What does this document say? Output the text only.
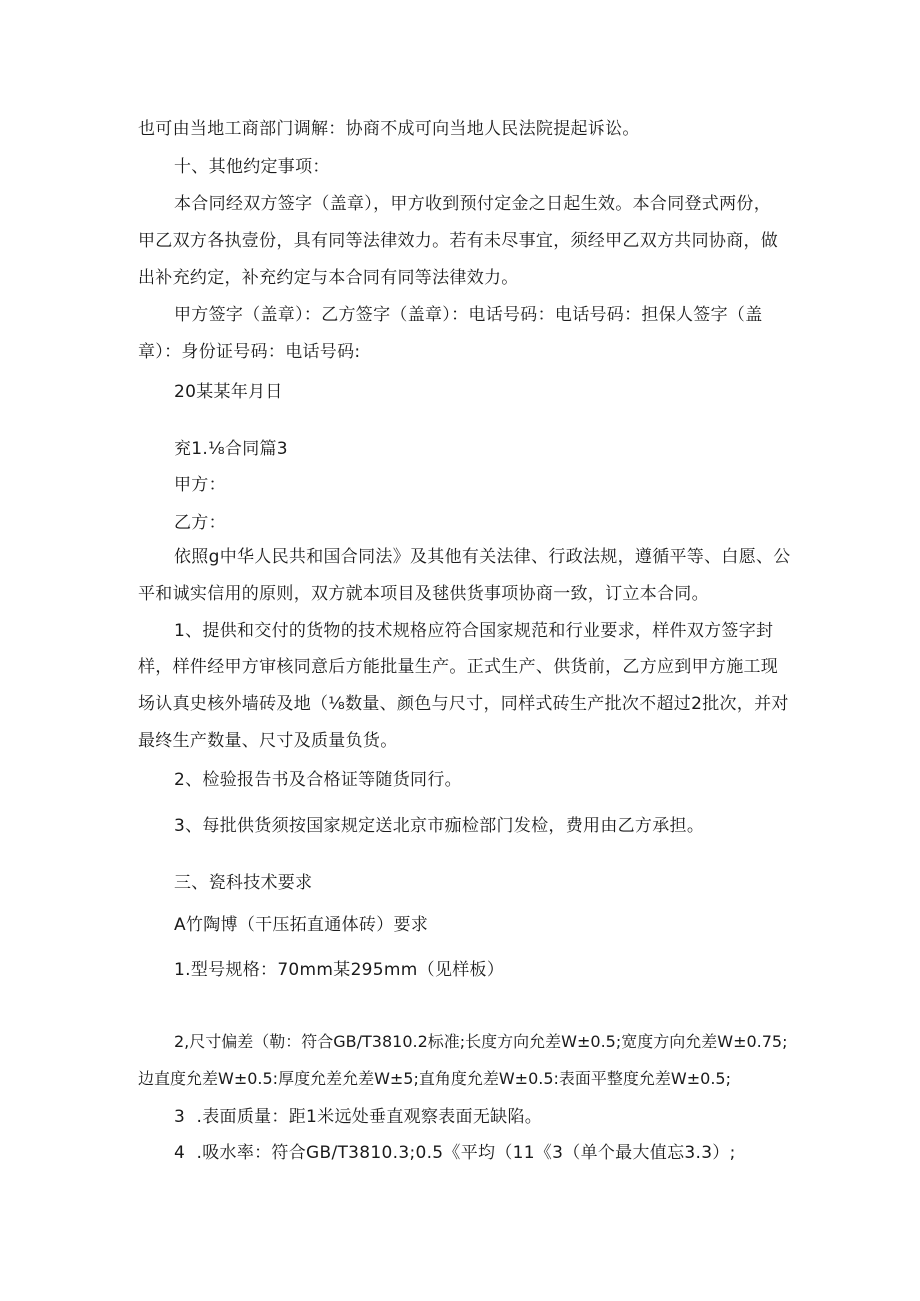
也可由当地工商部门调解：协商不成可向当地人民法院提起诉讼。
十、其他约定事项：
本合同经双方签字（盖章），甲方收到预付定金之日起生效。本合同登式两份，
甲乙双方各执壹份，具有同等法律效力。若有未尽事宜，须经甲乙双方共同协商，做
出补充约定，补充约定与本合同有同等法律效力。
甲方签字（盖章）：乙方签字（盖章）：电话号码：电话号码：担保人签字（盖
章）：身份证号码：电话号码:
20某某年月日
兖1.⅛合同篇3
甲方：
乙方：
依照g中华人民共和国合同法》及其他有关法律、行政法规，遵循平等、白愿、公
平和诚实信用的原则，双方就本项目及毬供货事项协商一致，订立本合同。
1、提供和交付的货物的技术规格应符合国家规范和行业要求，样件双方签字封
样，样件经甲方审核同意后方能批量生产。正式生产、供货前，乙方应到甲方施工现
场认真史核外墙砖及地（⅛数量、颜色与尺寸，同样式砖生产批次不超过2批次，并对
最终生产数量、尺寸及质量负货。
2、检验报告书及合格证等随货同行。
3、每批供货须按国家规定送北京市痂检部门发检，费用由乙方承担。
三、瓷科技术要求
A竹陶博（干压拓直通体砖）要求
1.型号规格：70mm某295mm（见样板）
2,尺寸偏差（勒：符合GB/T3810.2标准;长度方向允差W±0.5;宽度方向允差W±0.75;
边直度允差W±0.5:厚度允差允差W±5;直角度允差W±0.5:表面平整度允差W±0.5;
3  .表面质量：距1米远处垂直观察表面无缺陷。
4  .吸水率：符合GB/T3810.3;0.5《平均（11《3（单个最大值忘3.3）;
